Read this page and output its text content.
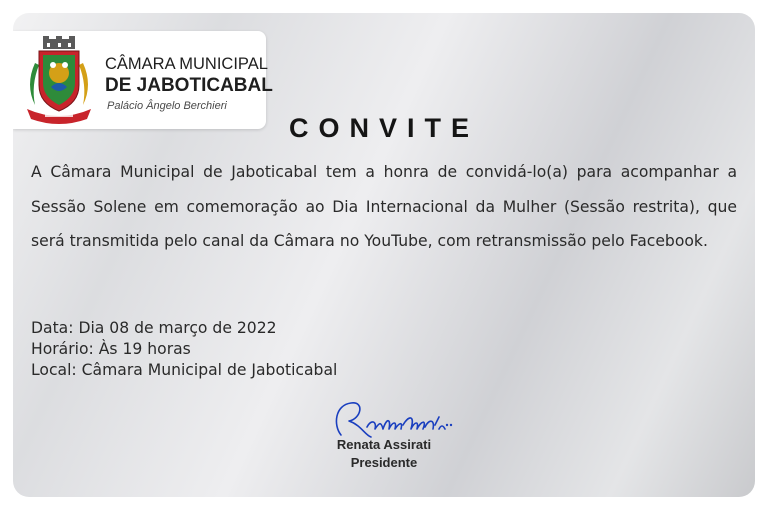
CÂMARA MUNICIPAL
DE JABOTICABAL
Palácio Ângelo Berchieri
CONVITE
A Câmara Municipal de Jaboticabal tem a honra de convidá-lo(a) para acompanhar a Sessão Solene em comemoração ao Dia Internacional da Mulher (Sessão restrita), que será transmitida pelo canal da Câmara no YouTube, com retransmissão pelo Facebook.
Data: Dia 08 de março de 2022
Horário: Às 19 horas
Local: Câmara Municipal de Jaboticabal
Renata Assirati
Presidente
